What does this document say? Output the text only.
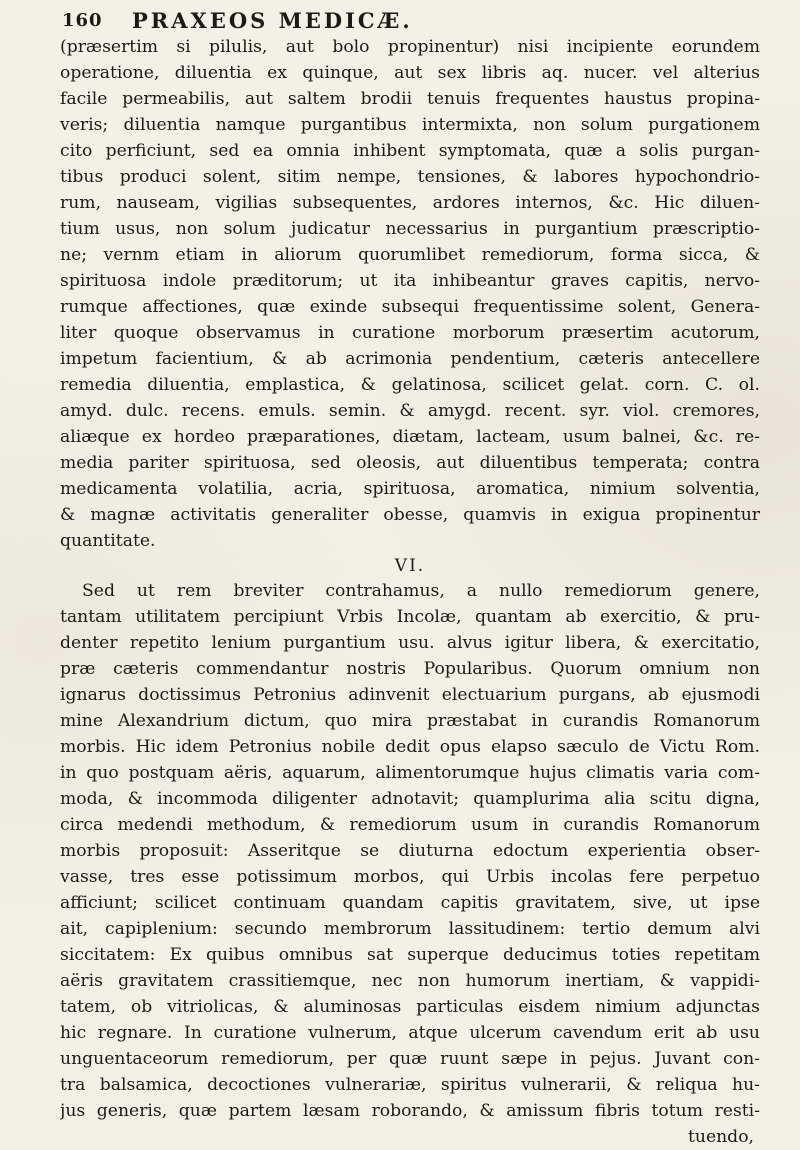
160 PRAXEOS MEDICÆ.
(præsertim si pilulis, aut bolo propinentur) nisi incipiente eorundem
operatione, diluentia ex quinque, aut sex libris aq. nucer. vel alterius
facile permeabilis, aut saltem brodii tenuis frequentes haustus propina-
veris; diluentia namque purgantibus intermixta, non solum purgationem
cito perficiunt, sed ea omnia inhibent symptomata, quæ a solis purgan-
tibus produci solent, sitim nempe, tensiones, & labores hypochondrio-
rum, nauseam, vigilias subsequentes, ardores internos, &c. Hic diluen-
tium usus, non solum judicatur necessarius in purgantium præscriptio-
ne; vernm etiam in aliorum quorumlibet remediorum, forma sicca, &
spirituosa indole præditorum; ut ita inhibeantur graves capitis, nervo-
rumque affectiones, quæ exinde subsequi frequentissime solent, Genera-
liter quoque observamus in curatione morborum præsertim acutorum,
impetum facientium, & ab acrimonia pendentium, cæteris antecellere
remedia diluentia, emplastica, & gelatinosa, scilicet gelat. corn. C. ol.
amyd. dulc. recens. emuls. semin. & amygd. recent. syr. viol. cremores,
aliæque ex hordeo præparationes, diætam, lacteam, usum balnei, &c. re-
media pariter spirituosa, sed oleosis, aut diluentibus temperata; contra
medicamenta volatilia, acria, spirituosa, aromatica, nimium solventia,
& magnæ activitatis generaliter obesse, quamvis in exigua propinentur
quantitate.
VI.
Sed ut rem breviter contrahamus, a nullo remediorum genere,
tantam utilitatem percipiunt Vrbis Incolæ, quantam ab exercitio, & pru-
denter repetito lenium purgantium usu. alvus igitur libera, & exercitatio,
præ cæteris commendantur nostris Popularibus. Quorum omnium non
ignarus doctissimus Petronius adinvenit electuarium purgans, ab ejusmodi
mine Alexandrium dictum, quo mira præstabat in curandis Romanorum
morbis. Hic idem Petronius nobile dedit opus elapso sæculo de Victu Rom.
in quo postquam aëris, aquarum, alimentorumque hujus climatis varia com-
moda, & incommoda diligenter adnotavit; quamplurima alia scitu digna,
circa medendi methodum, & remediorum usum in curandis Romanorum
morbis proposuit: Asseritque se diuturna edoctum experientia obser-
vasse, tres esse potissimum morbos, qui Urbis incolas fere perpetuo
afficiunt; scilicet continuam quandam capitis gravitatem, sive, ut ipse
ait, capiplenium: secundo membrorum lassitudinem: tertio demum alvi
siccitatem: Ex quibus omnibus sat superque deducimus toties repetitam
aëris gravitatem crassitiemque, nec non humorum inertiam, & vappidi-
tatem, ob vitriolicas, & aluminosas particulas eisdem nimium adjunctas
hic regnare. In curatione vulnerum, atque ulcerum cavendum erit ab usu
unguentaceorum remediorum, per quæ ruunt sæpe in pejus. Juvant con-
tra balsamica, decoctiones vulnerariæ, spiritus vulnerarii, & reliqua hu-
jus generis, quæ partem læsam roborando, & amissum fibris totum resti-
tuendo,
